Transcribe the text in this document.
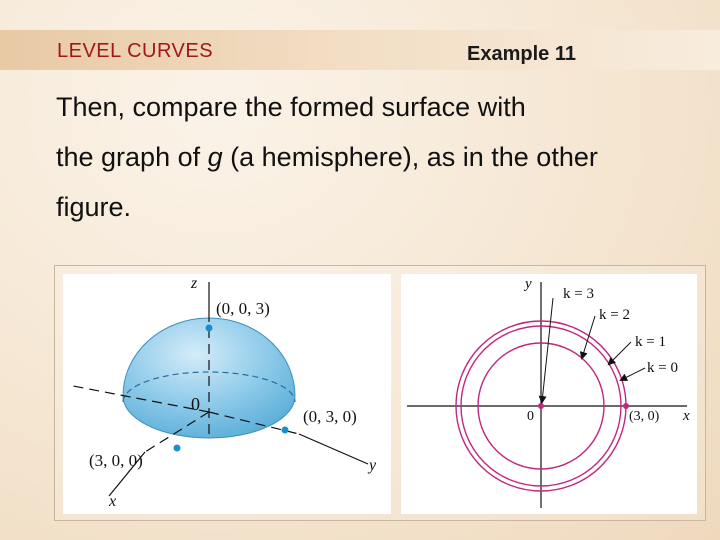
LEVEL CURVES	Example 11
Then, compare the formed surface with
the graph of g (a hemisphere), as in the other
figure.
z
y
x
0
(0, 0, 3)
(0, 3, 0)
(3, 0, 0)
y
x
0	(3, 0)
k = 3
k = 2
k = 1
k = 0
